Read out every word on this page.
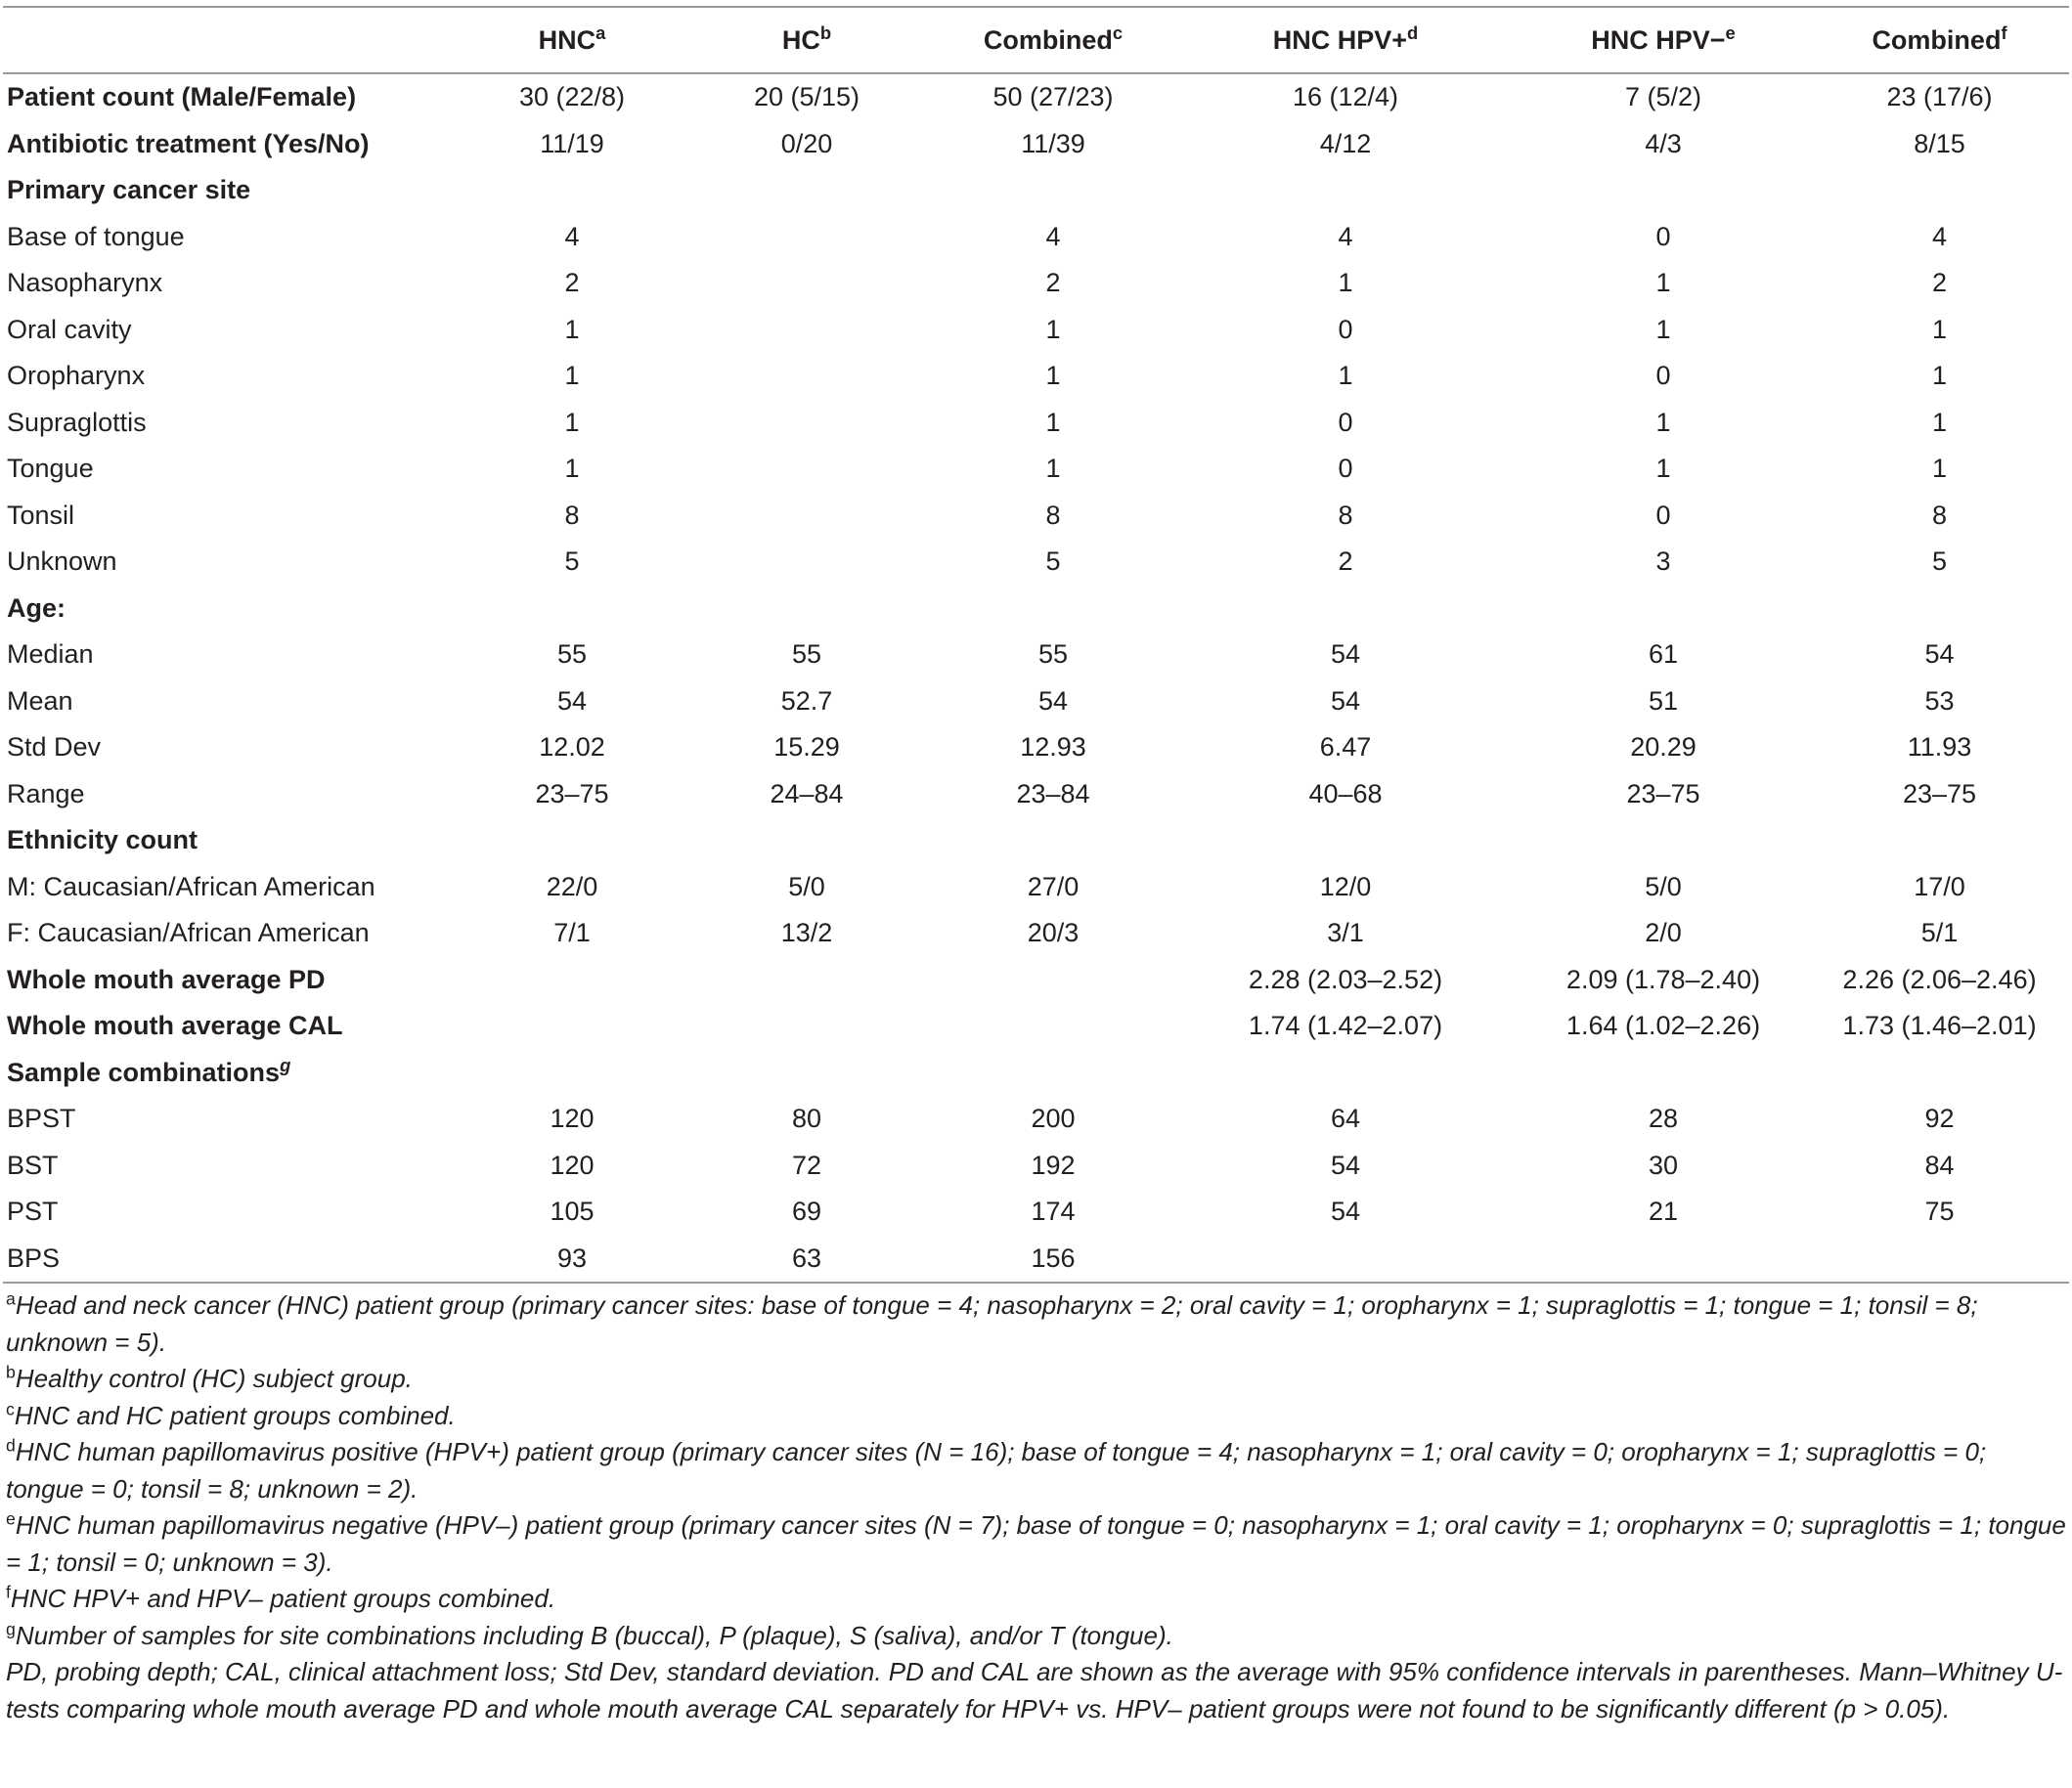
	HNC$^a$	$HC^b$	Combined$^c$	HNC HPV+$^d$	HNC HPV−$^e$	Combined$^f$
Patient count (Male/Female)	30 (22/8)	20 (5/15)	50 (27/23)	16 (12/4)	7 (5/2)	23 (17/6)
Antibiotic treatment (Yes/No)	11/19	0/20	11/39	4/12	4/3	8/15
Primary cancer site						
Base of tongue	4		4	4	0	4
Nasopharynx	2		2	1	1	2
Oral cavity	1		1	0	1	1
Oropharynx	1		1	1	0	1
Supraglottis	1		1	0	1	1
Tongue	1		1	0	1	1
Tonsil	8		8	8	0	8
Unknown	5		5	2	3	5
Age:						
Median	55	55	55	54	61	54
Mean	54	52.7	54	54	51	53
Std Dev	12.02	15.29	12.93	6.47	20.29	11.93
Range	23–75	24–84	23–84	40–68	23–75	23–75
Ethnicity count						
M: Caucasian/African American	22/0	5/0	27/0	12/0	5/0	17/0
F: Caucasian/African American	7/1	13/2	20/3	3/1	2/0	5/1
Whole mouth average PD				2.28 (2.03–2.52)	2.09 (1.78–2.40)	2.26 (2.06–2.46)
Whole mouth average CAL				1.74 (1.42–2.07)	1.64 (1.02–2.26)	1.73 (1.46–2.01)
Sample combinations$^g$						
BPST	120	80	200	64	28	92
BST	120	72	192	54	30	84
PST	105	69	174	54	21	75
BPS	93	63	156			

$^a$Head and neck cancer (HNC) patient group (primary cancer sites: base of tongue = 4; nasopharynx = 2; oral cavity = 1; oropharynx = 1; supraglottis = 1; tongue = 1; tonsil = 8; unknown = 5).

$^b$Healthy control (HC) subject group.

$^c$HNC and HC patient groups combined.

$^d$HNC human papillomavirus positive (HPV+) patient group (primary cancer sites (N = 16); base of tongue = 4; nasopharynx = 1; oral cavity = 0; oropharynx = 1; supraglottis = 0; tongue = 0; tonsil = 8; unknown = 2).

$^e$HNC human papillomavirus negative (HPV–) patient group (primary cancer sites (N = 7); base of tongue = 0; nasopharynx = 1; oral cavity = 1; oropharynx = 0; supraglottis = 1; tongue = 1; tonsil = 0; unknown = 3).

$^f$HNC HPV+ and HPV– patient groups combined.

$^g$Number of samples for site combinations including B (buccal), P (plaque), S (saliva), and/or T (tongue).

PD, probing depth; CAL, clinical attachment loss; Std Dev, standard deviation. PD and CAL are shown as the average with 95% confidence intervals in parentheses. Mann–Whitney U-tests comparing whole mouth average PD and whole mouth average CAL separately for HPV+ vs. HPV– patient groups were not found to be significantly different (p > 0.05).
